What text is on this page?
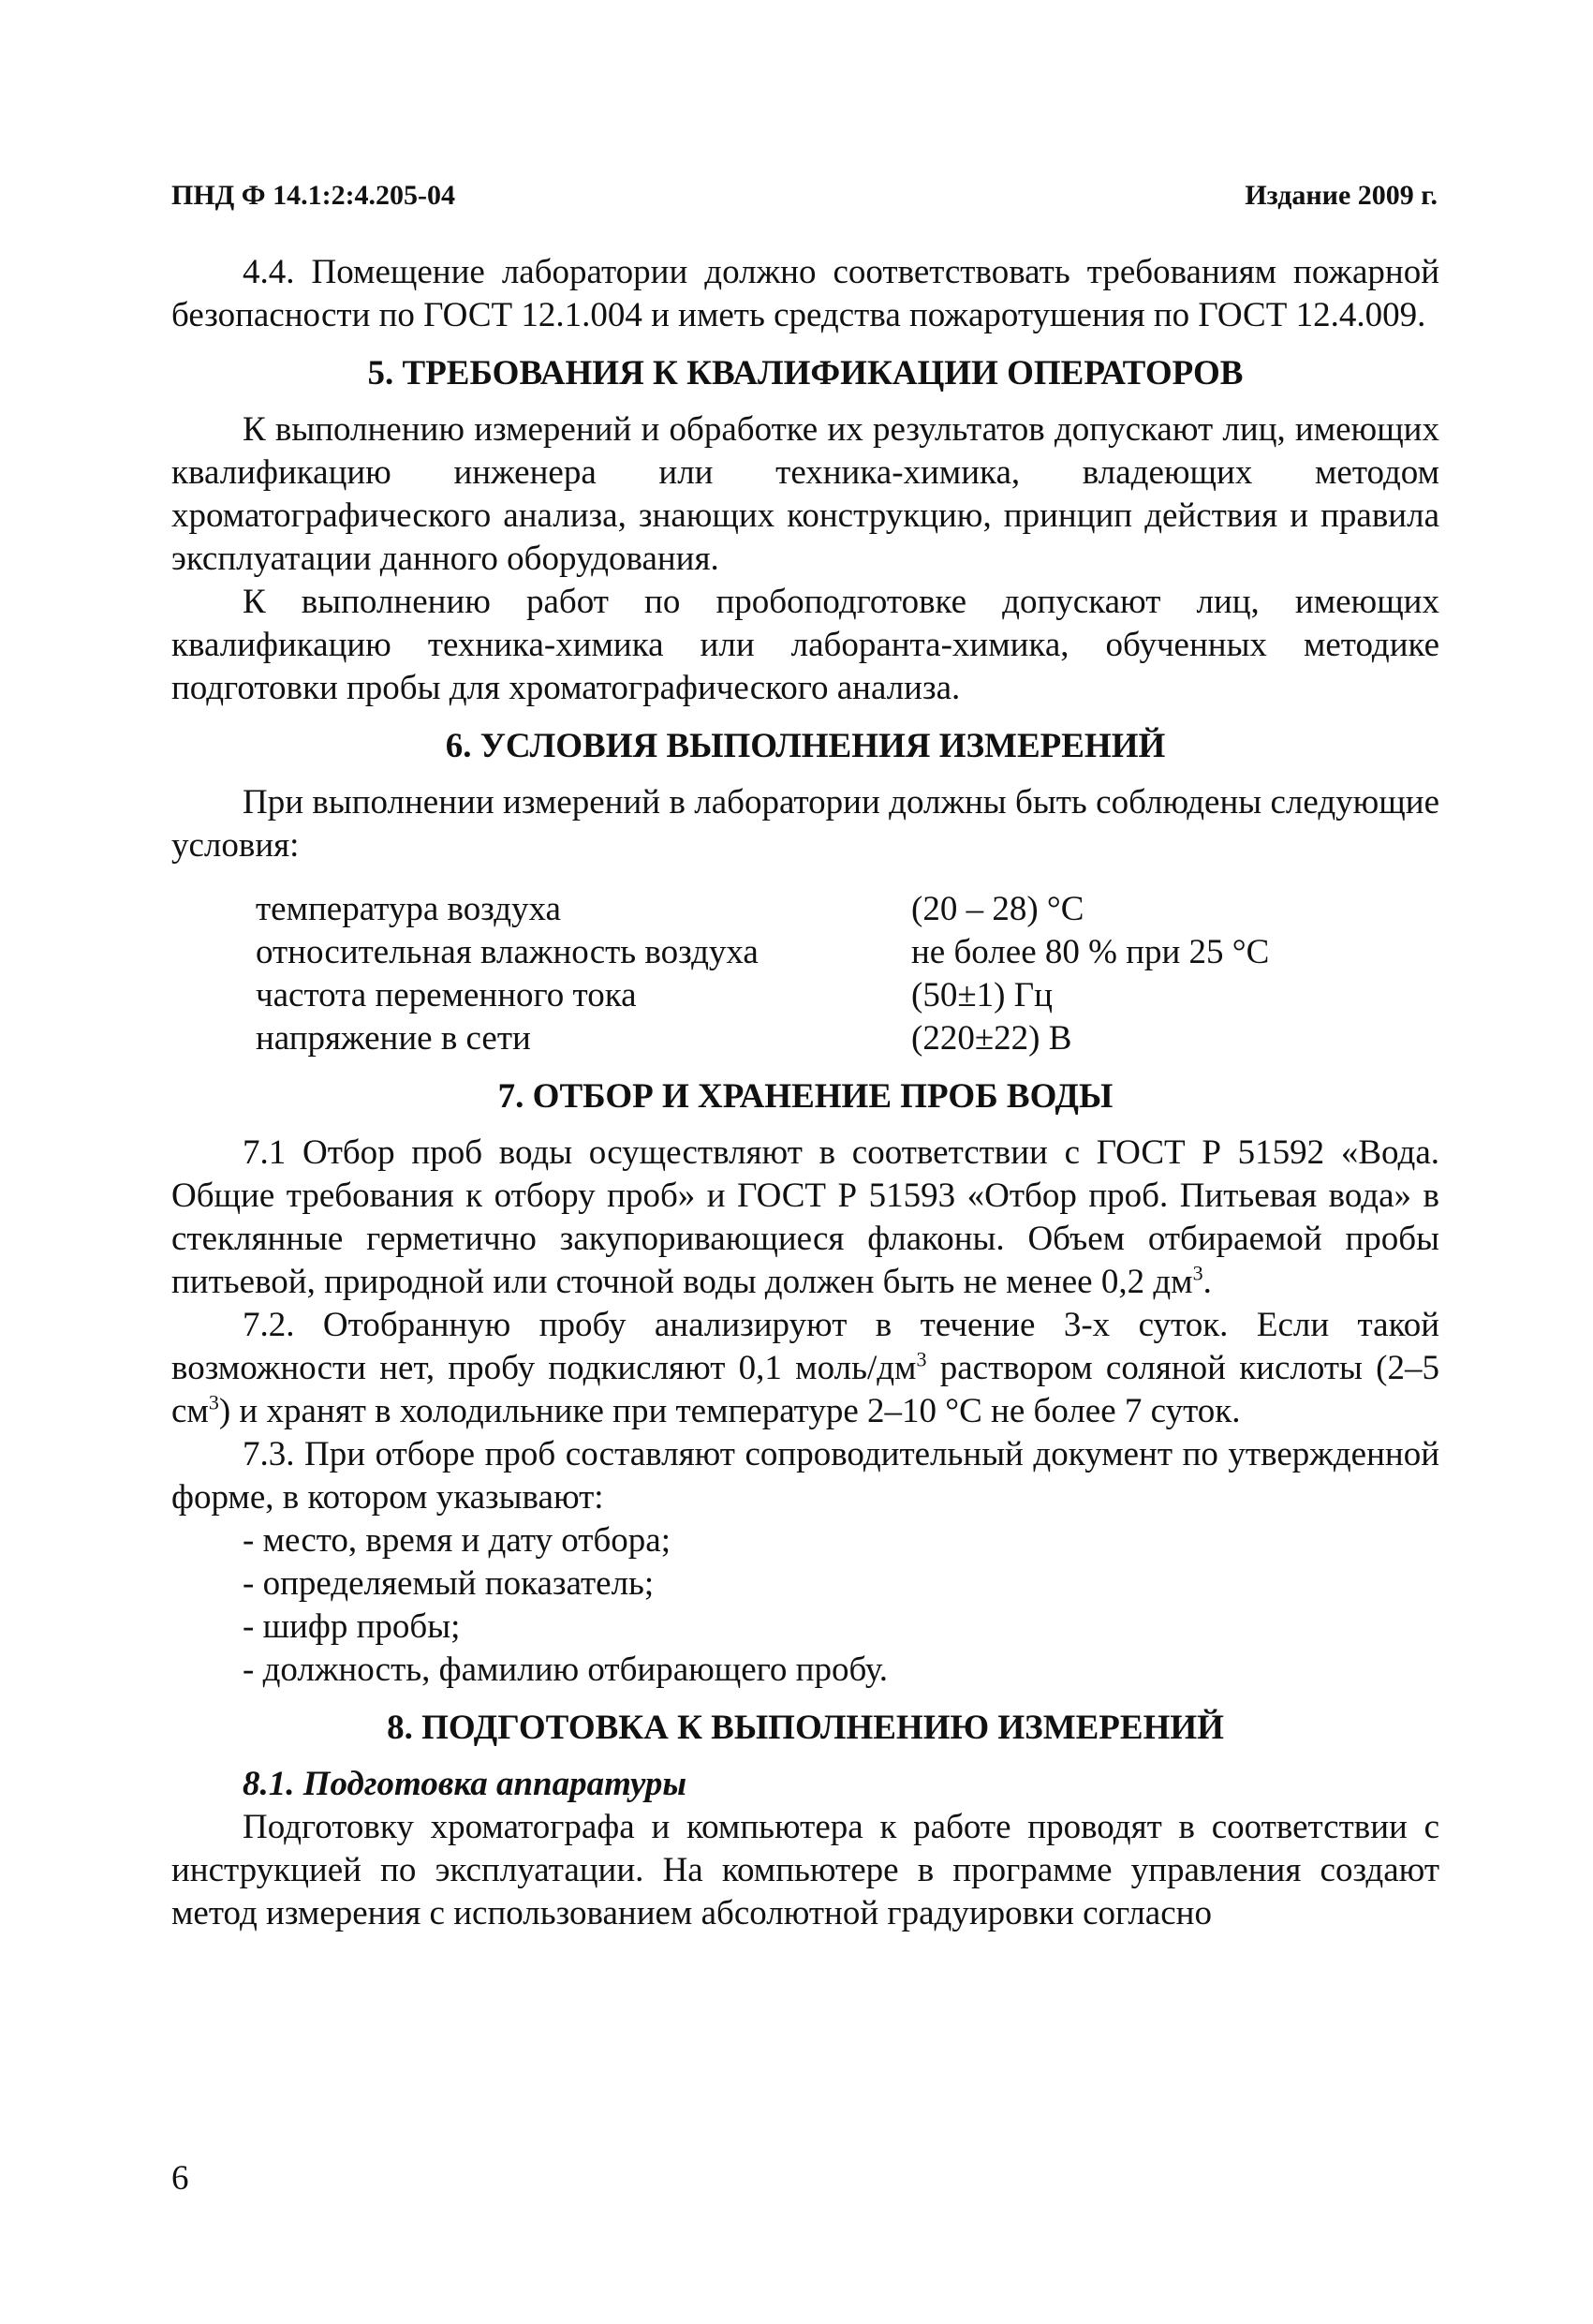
ПНД Ф 14.1:2:4.205-04	Издание 2009 г.

4.4. Помещение лаборатории должно соответствовать требованиям пожарной безопасности по ГОСТ 12.1.004 и иметь средства пожаротушения по ГОСТ 12.4.009.

5. ТРЕБОВАНИЯ К КВАЛИФИКАЦИИ ОПЕРАТОРОВ

К выполнению измерений и обработке их результатов допускают лиц, имеющих квалификацию инженера или техника-химика, владеющих методом хроматографического анализа, знающих конструкцию, принцип действия и правила эксплуатации данного оборудования.

К выполнению работ по пробоподготовке допускают лиц, имеющих квалификацию техника-химика или лаборанта-химика, обученных методике подготовки пробы для хроматографического анализа.

6. УСЛОВИЯ ВЫПОЛНЕНИЯ ИЗМЕРЕНИЙ

При выполнении измерений в лаборатории должны быть соблюдены следующие условия:

температура воздуха	(20 – 28) °С
относительная влажность воздуха	не более 80 % при 25 °С
частота переменного тока	(50±1) Гц
напряжение в сети	(220±22) В
7. ОТБОР И ХРАНЕНИЕ ПРОБ ВОДЫ

7.1 Отбор проб воды осуществляют в соответствии с ГОСТ Р 51592 «Вода. Общие требования к отбору проб» и ГОСТ Р 51593 «Отбор проб. Питьевая вода» в стеклянные герметично закупоривающиеся флаконы. Объем отбираемой пробы питьевой, природной или сточной воды должен быть не менее 0,2 $дм^3$.

7.2. Отобранную пробу анализируют в течение 3-х суток. Если такой возможности нет, пробу подкисляют 0,1 моль/$дм^3$ раствором соляной кислоты (2–5 $см^3$) и хранят в холодильнике при температуре 2–10 °С не более 7 суток.

7.3. При отборе проб составляют сопроводительный документ по утвержденной форме, в котором указывают:

- место, время и дату отбора;
- определяемый показатель;
- шифр пробы;
- должность, фамилию отбирающего пробу.
8. ПОДГОТОВКА К ВЫПОЛНЕНИЮ ИЗМЕРЕНИЙ

8.1. Подготовка аппаратуры

Подготовку хроматографа и компьютера к работе проводят в соответствии с инструкцией по эксплуатации. На компьютере в программе управления создают метод измерения с использованием абсолютной градуировки согласно

6
